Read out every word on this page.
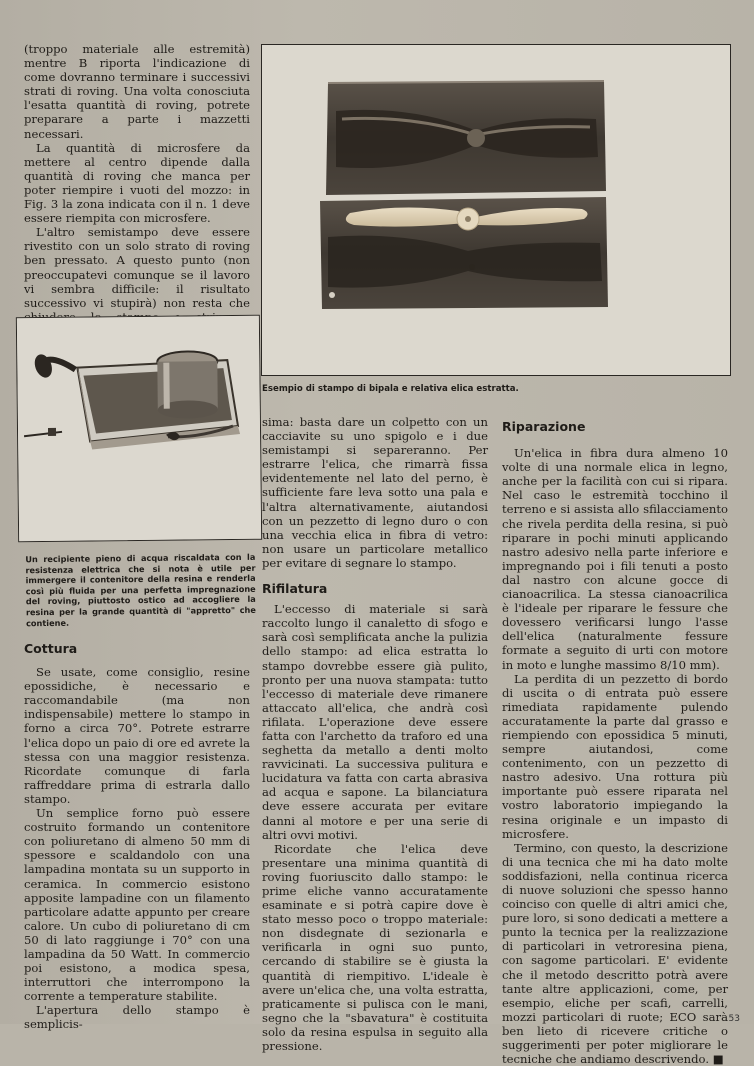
Esempio di stampo di bipala e relativa elica estratta.

(troppo materiale alle estremità) mentre B riporta l'indicazione di come dovranno terminare i successivi strati di roving. Una volta conosciuta l'esatta quantità di roving, potrete preparare a parte i mazzetti necessari.

La quantità di microsfere da mettere al centro dipende dalla quantità di roving che manca per poter riempire i vuoti del mozzo: in Fig. 3 la zona indicata con il n. 1 deve essere riempita con microsfere.

L'altro semistampo deve essere rivestito con un solo strato di roving ben pressato. A questo punto (non preoccupatevi comunque se il lavoro vi sembra difficile: il risultato successivo vi stupirà) non resta che

Un recipiente pieno di acqua riscaldata con la resistenza elettrica che si nota è utile per immergere il contenitore della resina e renderla così più fluida per una perfetta impregnazione del roving, piuttosto ostico ad accogliere la resina per la grande quantità di "appretto" che contiene.
Cottura

Se usate, come consiglio, resine epossidiche, è necessario e raccomandabile (ma non indispensabile) mettere lo stampo in forno a circa 70°. Potrete estrarre l'elica dopo un paio di ore ed avrete la stessa con una maggior resistenza. Ricordate comunque di farla raffreddare prima di estrarla dallo stampo.

Un semplice forno può essere costruito formando un contenitore con poliuretano di almeno 50 mm di spessore e scaldandolo con una lampadina montata su un supporto in ceramica. In commercio esistono apposite lampadine con un filamento particolare adatte appunto per creare calore. Un cubo di poliuretano di cm 50 di lato raggiunge i 70° con una lampadina da 50 Watt. In commercio poi esistono, a modica spesa, interruttori che interrompono la corrente a temperature stabilite.

L'apertura dello stampo è semplicis-

sima: basta dare un colpetto con un cacciavite su uno spigolo e i due semistampi si separeranno. Per estrarre l'elica, che rimarrà fissa evidentemente nel lato del perno, è sufficiente fare leva sotto una pala e l'altra alternativamente, aiutandosi con un pezzetto di legno duro o con una vecchia elica in fibra di vetro: non usare un particolare metallico per evitare di segnare lo stampo.

Rifilatura

L'eccesso di materiale si sarà raccolto lungo il canaletto di sfogo e sarà così semplificata anche la pulizia dello stampo: ad elica estratta lo stampo dovrebbe essere già pulito, pronto per una nuova stampata: tutto l'eccesso di materiale deve rimanere attaccato all'elica, che andrà così rifilata. L'operazione deve essere fatta con l'archetto da traforo ed una seghetta da metallo a denti molto ravvicinati. La successiva pulitura e lucidatura va fatta con carta abrasiva ad acqua e sapone. La bilanciatura deve essere accurata per evitare danni al motore e per una serie di altri ovvi motivi.

Ricordate che l'elica deve presentare una minima quantità di roving fuoriuscito dallo stampo: le prime eliche vanno accuratamente esaminate e si potrà capire dove è stato messo poco o troppo materiale: non disdegnate di sezionarla e verificarla in ogni suo punto, cercando di stabilire se è giusta la quantità di riempitivo. L'ideale è avere un'elica che, una volta estratta, praticamente si pulisca con le mani, segno che la "sbavatura" è costituita solo da resina espulsa in seguito alla pressione.

Riparazione

Un'elica in fibra dura almeno 10 volte di una normale elica in legno, anche per la facilità con cui si ripara. Nel caso le estremità tocchino il terreno e si assista allo sfilacciamento che rivela perdita della resina, si può riparare in pochi minuti applicando nastro adesivo nella parte inferiore e impregnando poi i fili tenuti a posto dal nastro con alcune gocce di cianoacrilica. La stessa cianoacrilica è l'ideale per riparare le fessure che dovessero verificarsi lungo l'asse dell'elica (naturalmente fessure formate a seguito di urti con motore in moto e lunghe massimo 8/10 mm).

La perdita di un pezzetto di bordo di uscita o di entrata può essere rimediata rapidamente pulendo accuratamente la parte dal grasso e riempiendo con epossidica 5 minuti, sempre aiutandosi, come contenimento, con un pezzetto di nastro adesivo. Una rottura più importante può essere riparata nel vostro laboratorio impiegando la resina originale e un impasto di microsfere.

Termino, con questo, la descrizione di una tecnica che mi ha dato molte soddisfazioni, nella continua ricerca di nuove soluzioni che spesso hanno coinciso con quelle di altri amici che, pure loro, si sono dedicati a mettere a punto la tecnica per la realizzazione di particolari in vetroresina piena, con sagome particolari. E' evidente che il metodo descritto potrà avere tante altre applicazioni, come, per esempio, eliche per scafi, carrelli, mozzi particolari di ruote; ECO sarà ben lieto di ricevere critiche o suggerimenti per poter migliorare le tecniche che andiamo descrivendo. ■

53
